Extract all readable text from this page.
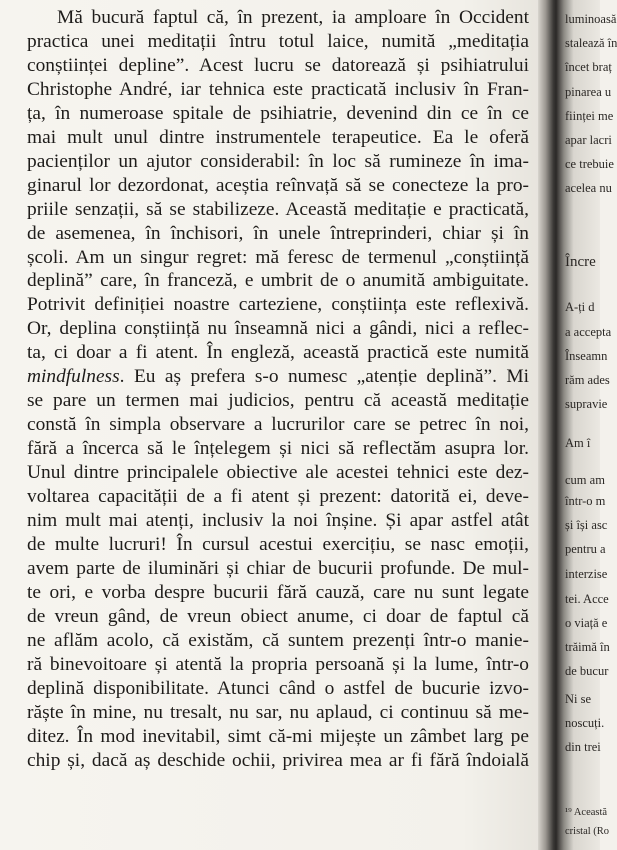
Mă bucură faptul că, în prezent, ia amploare în Occident
practica unei meditații întru totul laice, numită „meditația
conștiinței depline”. Acest lucru se datorează și psihiatrului
Christophe André, iar tehnica este practicată inclusiv în Fran-
ța, în numeroase spitale de psihiatrie, devenind din ce în ce
mai mult unul dintre instrumentele terapeutice. Ea le oferă
pacienților un ajutor considerabil: în loc să rumineze în ima-
ginarul lor dezordonat, aceștia reînvață să se conecteze la pro-
priile senzații, să se stabilizeze. Această meditație e practicată,
de asemenea, în închisori, în unele întreprinderi, chiar și în
școli. Am un singur regret: mă feresc de termenul „conștiință
deplină” care, în franceză, e umbrit de o anumită ambiguitate.
Potrivit definiției noastre carteziene, conștiința este reflexivă.
Or, deplina conștiință nu înseamnă nici a gândi, nici a reflec-
ta, ci doar a fi atent. În engleză, această practică este numită
mindfulness. Eu aș prefera s-o numesc „atenție deplină”. Mi
se pare un termen mai judicios, pentru că această meditație
constă în simpla observare a lucrurilor care se petrec în noi,
fără a încerca să le înțelegem și nici să reflectăm asupra lor.
Unul dintre principalele obiective ale acestei tehnici este dez-
voltarea capacității de a fi atent și prezent: datorită ei, deve-
nim mult mai atenți, inclusiv la noi înșine. Și apar astfel atât
de multe lucruri! În cursul acestui exercițiu, se nasc emoții,
avem parte de iluminări și chiar de bucurii profunde. De mul-
te ori, e vorba despre bucurii fără cauză, care nu sunt legate
de vreun gând, de vreun obiect anume, ci doar de faptul că
ne aflăm acolo, că existăm, că suntem prezenți într-o manie-
ră binevoitoare și atentă la propria persoană și la lume, într-o
deplină disponibilitate. Atunci când o astfel de bucurie izvo-
răște în mine, nu tresalt, nu sar, nu aplaud, ci continuu să me-
ditez. În mod inevitabil, simt că-mi mijește un zâmbet larg pe
chip și, dacă aș deschide ochii, privirea mea ar fi fără îndoială
luminoasă
stalează în
încet braț
pinarea u
ființei me
apar lacri
ce trebuie
acelea nu
Încre
A-ți d
a accepta
Înseamn
răm ades
supravie
Am î
cum am
într-o m
și își asc
pentru a
interzise
tei. Acce
o viață e
trăimă în
de bucur
Ni se
noscuți.
din trei
¹⁹ Această
cristal (Ro
